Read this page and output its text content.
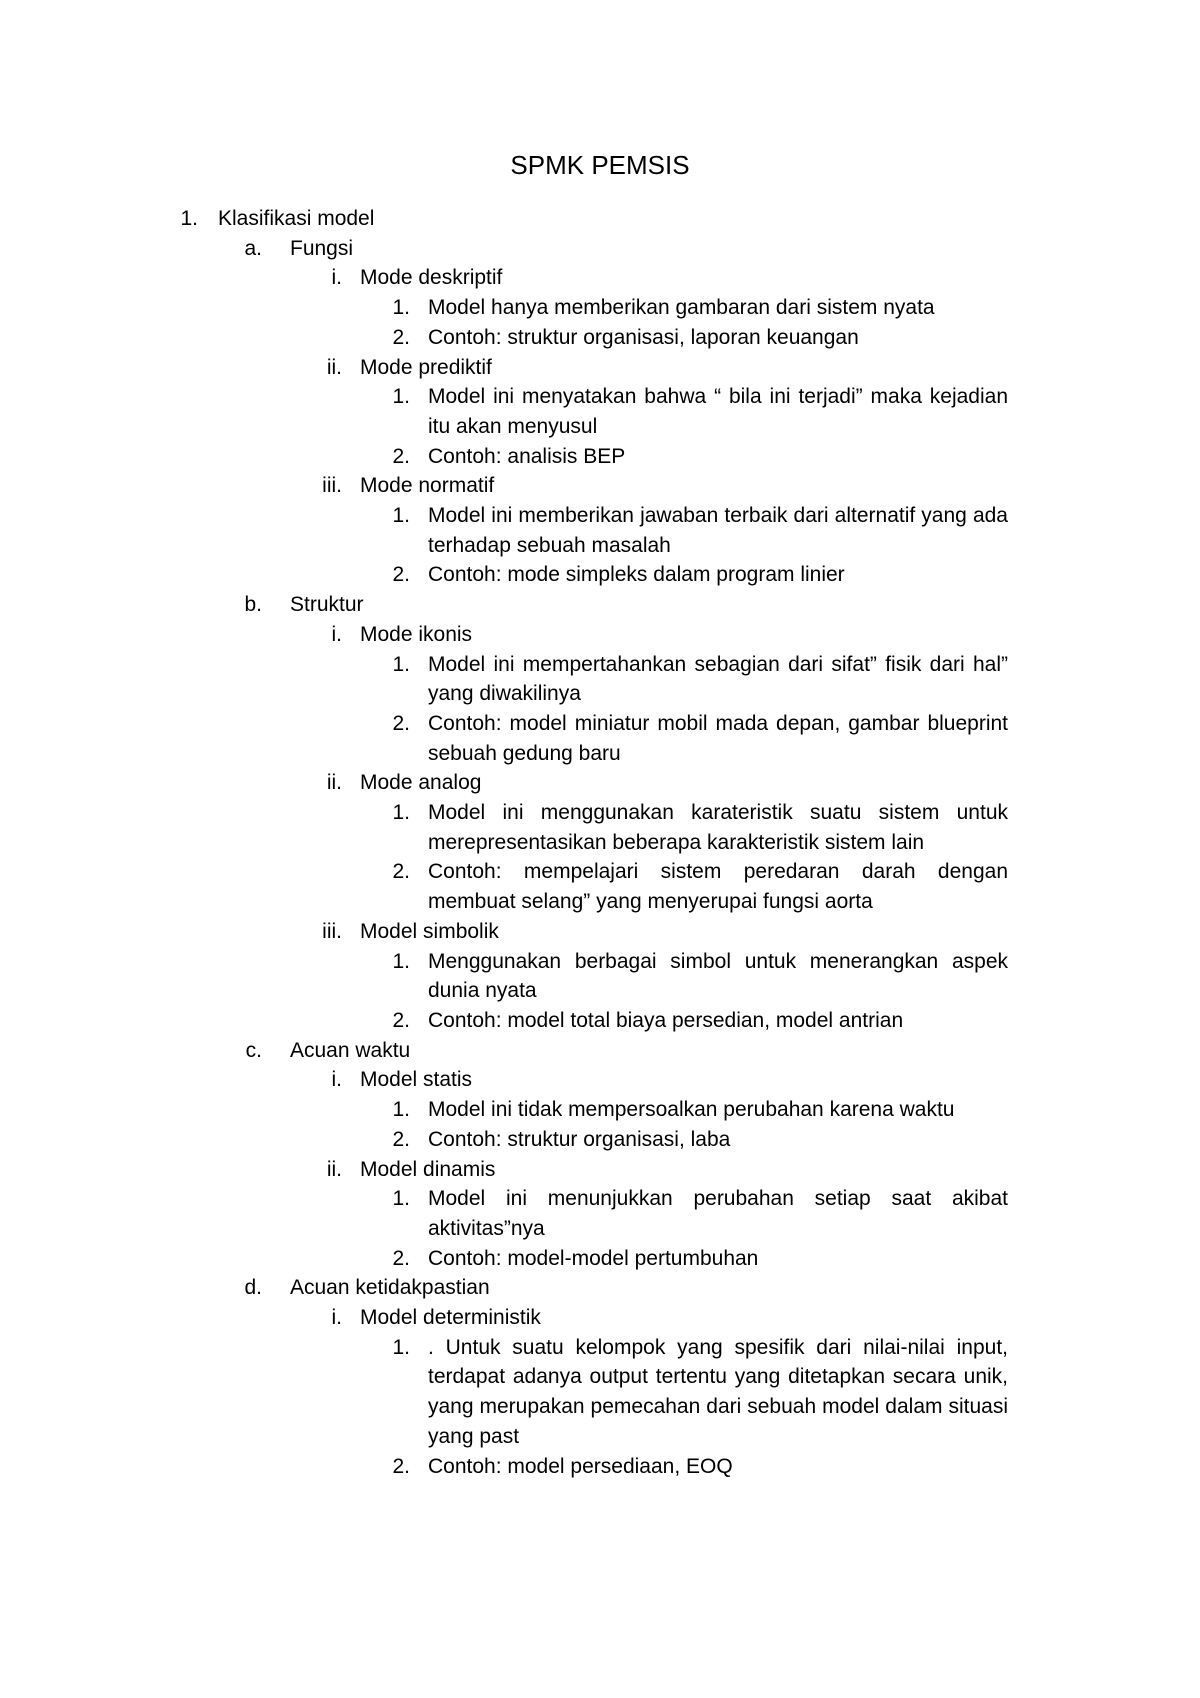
SPMK PEMSIS
1. Klasifikasi model
a. Fungsi
i. Mode deskriptif
1. Model hanya memberikan gambaran dari sistem nyata
2. Contoh: struktur organisasi, laporan keuangan
ii. Mode prediktif
1. Model ini menyatakan bahwa “ bila ini terjadi” maka kejadian itu akan menyusul
2. Contoh: analisis BEP
iii. Mode normatif
1. Model ini memberikan jawaban terbaik dari alternatif yang ada terhadap sebuah masalah
2. Contoh: mode simpleks dalam program linier
b. Struktur
i. Mode ikonis
1. Model ini mempertahankan sebagian dari sifat” fisik dari hal” yang diwakilinya
2. Contoh: model miniatur mobil mada depan, gambar blueprint sebuah gedung baru
ii. Mode analog
1. Model ini menggunakan karateristik suatu sistem untuk merepresentasikan beberapa karakteristik sistem lain
2. Contoh: mempelajari sistem peredaran darah dengan membuat selang” yang menyerupai fungsi aorta
iii. Model simbolik
1. Menggunakan berbagai simbol untuk menerangkan aspek dunia nyata
2. Contoh: model total biaya persedian, model antrian
c. Acuan waktu
i. Model statis
1. Model ini tidak mempersoalkan perubahan karena waktu
2. Contoh: struktur organisasi, laba
ii. Model dinamis
1. Model ini menunjukkan perubahan setiap saat akibat aktivitas”nya
2. Contoh: model-model pertumbuhan
d. Acuan ketidakpastian
i. Model deterministik
1. . Untuk suatu kelompok yang spesifik dari nilai-nilai input, terdapat adanya output tertentu yang ditetapkan secara unik, yang merupakan pemecahan dari sebuah model dalam situasi yang past
2. Contoh: model persediaan, EOQ
